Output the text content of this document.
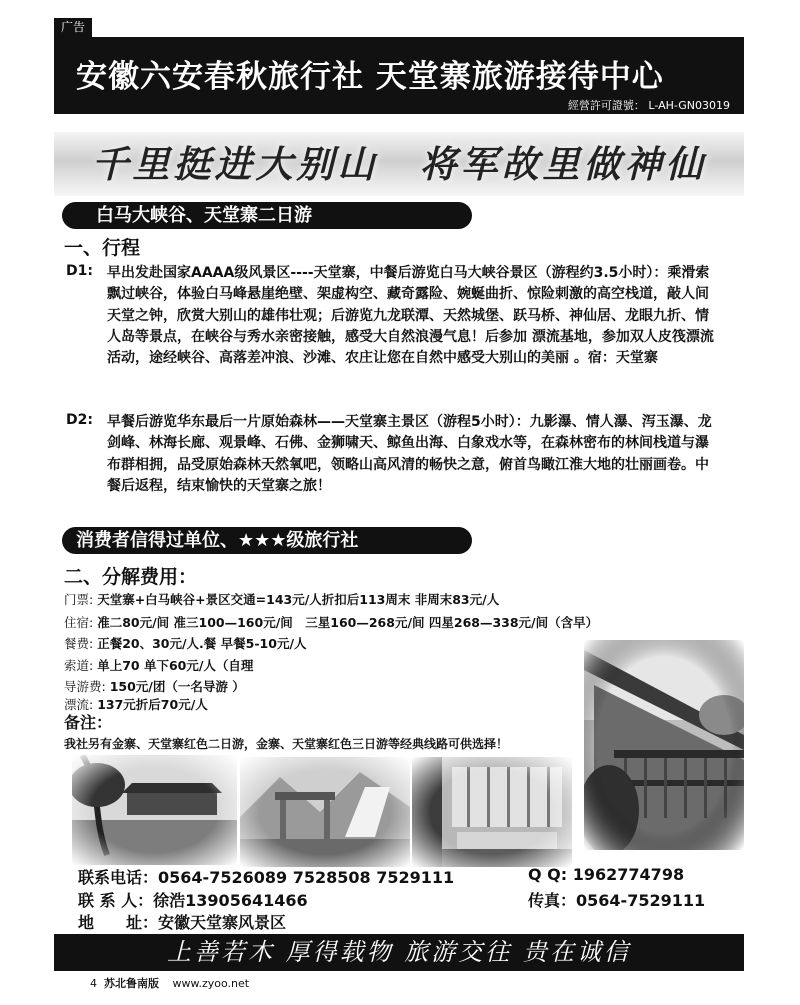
广告
安徽六安春秋旅行社 天堂寨旅游接待中心
經營許可證號： L-AH-GN03019
千里挺进大别山　将军故里做神仙
白马大峡谷、天堂寨二日游
一、行程
D1: 早出发赴国家AAAA级风景区----天堂寨，中餐后游览白马大峡谷景区（游程约3.5小时）：乘滑索飘过峡谷，体验白马峰悬崖绝壁、架虚构空、藏奇露险、婉蜒曲折、惊险刺激的高空栈道，敲人间天堂之钟，欣赏大别山的雄伟壮观；后游览九龙联潭、天然城堡、跃马桥、神仙居、龙眼九折、情人岛等景点，在峡谷与秀水亲密接触，感受大自然浪漫气息！后参加 漂流基地，参加双人皮筏漂流活动，途经峡谷、高落差冲浪、沙滩、农庄让您在自然中感受大别山的美丽 。宿：天堂寨
D2: 早餐后游览华东最后一片原始森林——天堂寨主景区（游程5小时）：九影瀑、情人瀑、泻玉瀑、龙剑峰、林海长廊、观景峰、石佛、金狮啸天、鲸鱼出海、白象戏水等，在森林密布的林间栈道与瀑布群相拥，品受原始森林天然氧吧，领略山高风清的畅快之意，俯首鸟瞰江淮大地的壮丽画卷。中餐后返程，结束愉快的天堂寨之旅！
消费者信得过单位、★★★级旅行社
二、分解费用：
门票: 天堂寨+白马峡谷+景区交通=143元/人折扣后113周末 非周末83元/人
住宿: 准二80元/间 准三100—160元/间　三星160—268元/间 四星268—338元/间（含早）
餐费: 正餐20、30元/人.餐 早餐5-10元/人
索道: 单上70 单下60元/人（自理
导游费: 150元/团（一名导游 ）
漂流: 137元折后70元/人
备注：
我社另有金寨、天堂寨红色二日游，金寨、天堂寨红色三日游等经典线路可供选择！
联系电话：0564-7526089 7528508 7529111	Q Q: 1962774798
联 系 人：徐浩13905641466	传真：0564-7529111
地　　址：安徽天堂寨风景区
上善若木 厚得载物 旅游交往 贵在诚信
4 苏北鲁南版 www.zyoo.net
